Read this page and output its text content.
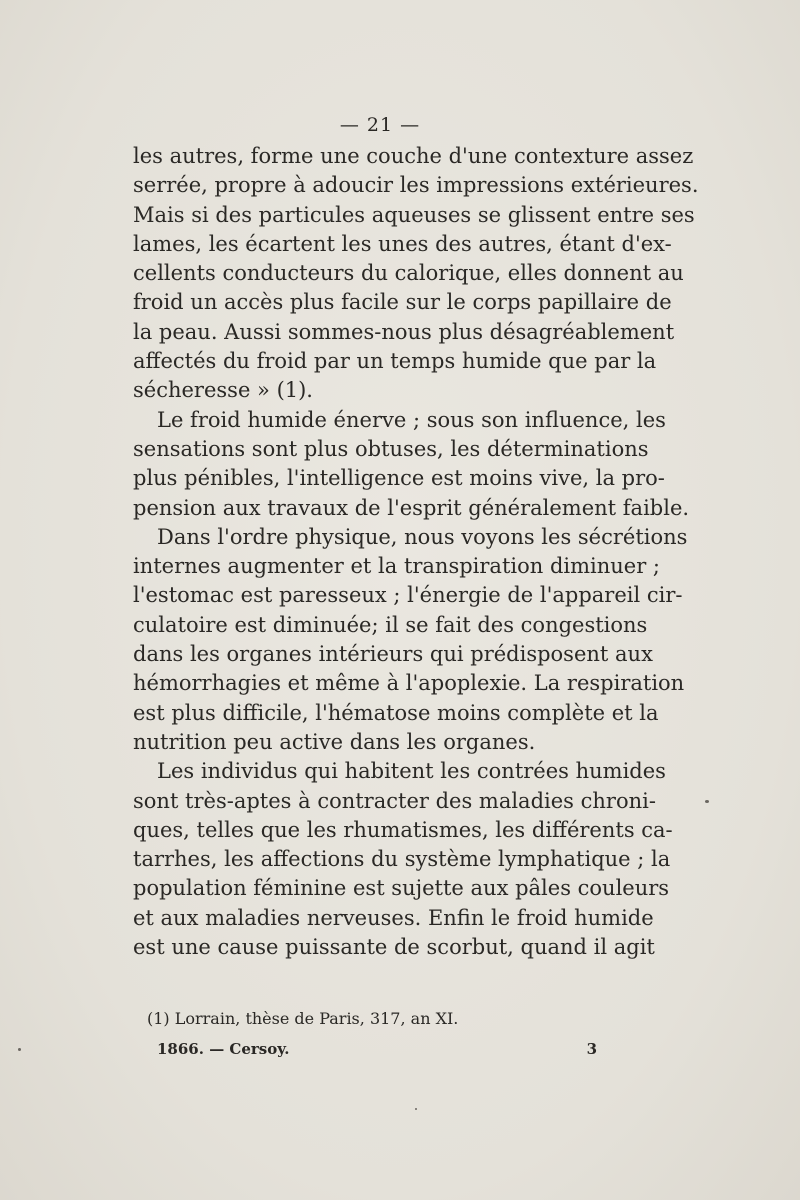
— 21 —
les autres, forme une couche d'une contexture assez
serrée, propre à adoucir les impressions extérieures.
Mais si des particules aqueuses se glissent entre ses
lames, les écartent les unes des autres, étant d'ex-
cellents conducteurs du calorique, elles donnent au
froid un accès plus facile sur le corps papillaire de
la peau. Aussi sommes-nous plus désagréablement
affectés du froid par un temps humide que par la
sécheresse » (1).
Le froid humide énerve ; sous son influence, les
sensations sont plus obtuses, les déterminations
plus pénibles, l'intelligence est moins vive, la pro-
pension aux travaux de l'esprit généralement faible.
Dans l'ordre physique, nous voyons les sécrétions
internes augmenter et la transpiration diminuer ;
l'estomac est paresseux ; l'énergie de l'appareil cir-
culatoire est diminuée; il se fait des congestions
dans les organes intérieurs qui prédisposent aux
hémorrhagies et même à l'apoplexie. La respiration
est plus difficile, l'hématose moins complète et la
nutrition peu active dans les organes.
Les individus qui habitent les contrées humides
sont très-aptes à contracter des maladies chroni-
ques, telles que les rhumatismes, les différents ca-
tarrhes, les affections du système lymphatique ; la
population féminine est sujette aux pâles couleurs
et aux maladies nerveuses. Enfin le froid humide
est une cause puissante de scorbut, quand il agit
(1) Lorrain, thèse de Paris, 317, an XI.
1866. — Cersoy.	3
